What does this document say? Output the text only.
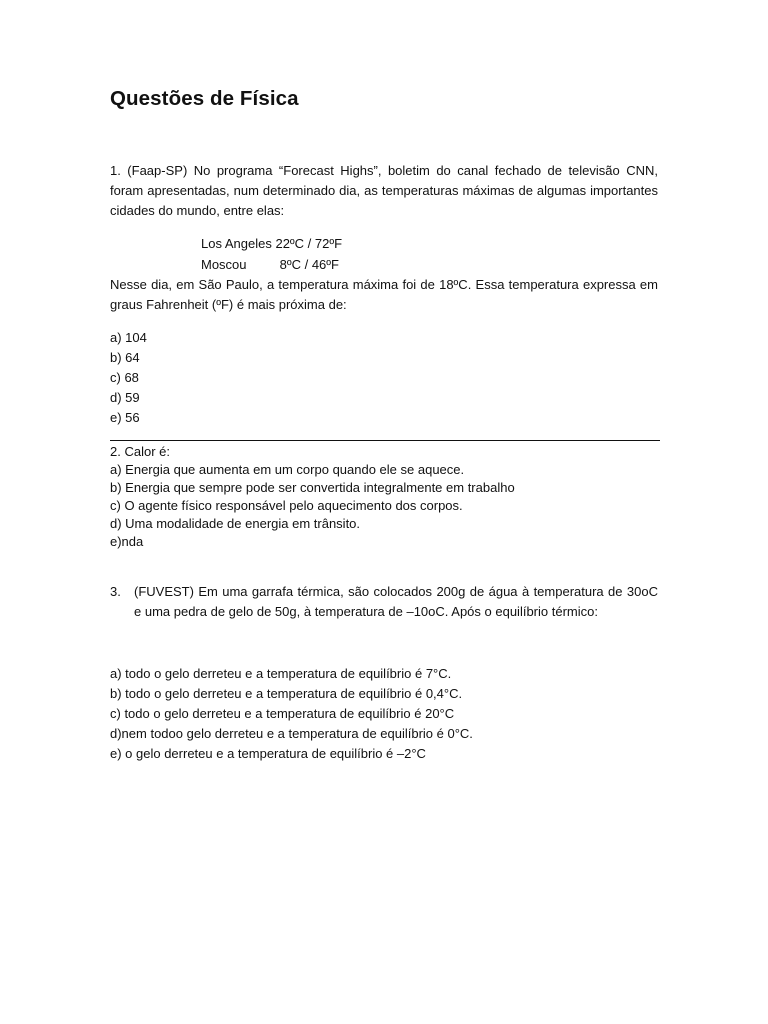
Questões de Física
1. (Faap-SP) No programa “Forecast Highs”, boletim do canal fechado de televisão CNN, foram apresentadas, num determinado dia, as temperaturas máximas de algumas importantes cidades do mundo, entre elas:
Los Angeles 22ºC / 72ºF
Moscou	8ºC / 46ºF
Nesse dia, em São Paulo, a temperatura máxima foi de 18ºC. Essa temperatura expressa em graus Fahrenheit (ºF) é mais próxima de:
a) 104
b) 64
c) 68
d) 59
e) 56
2. Calor é:
a) Energia que aumenta em um corpo quando ele se aquece.
b) Energia que sempre pode ser convertida integralmente em trabalho
c) O agente físico responsável pelo aquecimento dos corpos.
d) Uma modalidade de energia em trânsito.
e)nda
3. (FUVEST) Em uma garrafa térmica, são colocados 200g de água à temperatura de 30oC e uma pedra de gelo de 50g, à temperatura de –10oC. Após o equilíbrio térmico:
a) todo o gelo derreteu e a temperatura de equilíbrio é 7°C.
b) todo o gelo derreteu e a temperatura de equilíbrio é 0,4°C.
c) todo o gelo derreteu e a temperatura de equilíbrio é 20°C
d)nem todoo gelo derreteu e a temperatura de equilíbrio é 0°C.
e) o gelo derreteu e a temperatura de equilíbrio é –2°C
